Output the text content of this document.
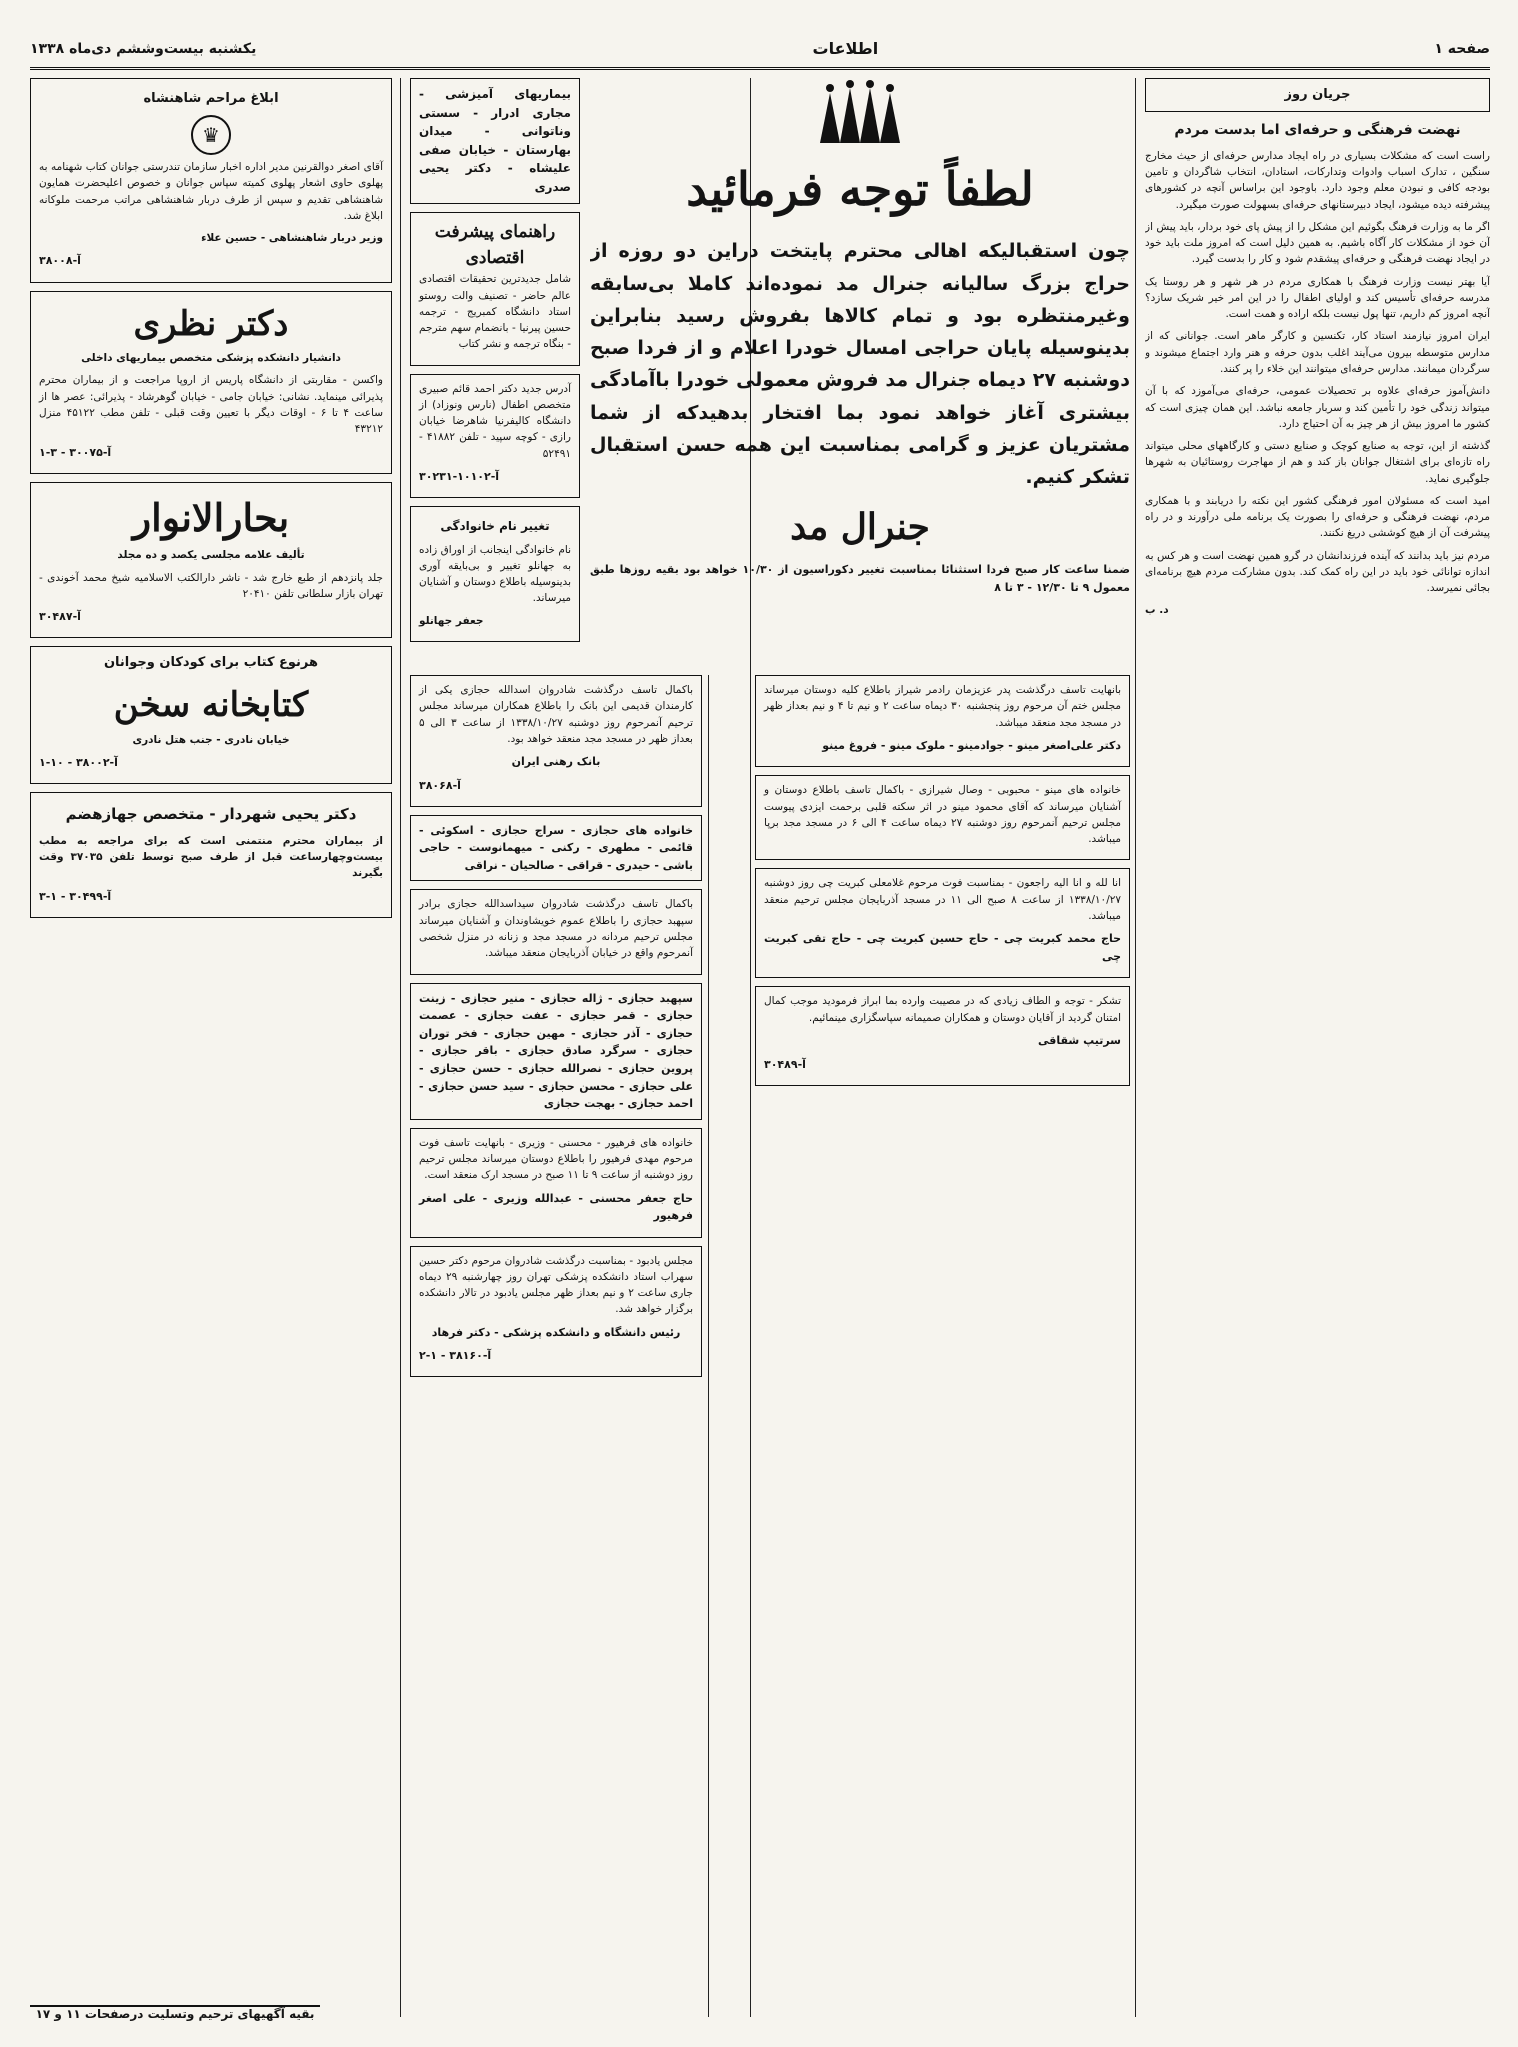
صفحه ۱
اطلاعات
یکشنبه بیست‌وششم دی‌ماه ۱۳۳۸
جریان روز
نهضت فرهنگی و حرفه‌ای اما بدست مردم

راست است که مشکلات بسیاری در راه ایجاد مدارس حرفه‌ای از حیث مخارج سنگین ، تدارک اسباب وادوات وتدارکات، استادان، انتخاب شاگردان و تامین بودجه کافی و نبودن معلم وجود دارد. باوجود این براساس آنچه در کشورهای پیشرفته دیده میشود، ایجاد دبیرستانهای حرفه‌ای بسهولت صورت میگیرد.

اگر ما به وزارت فرهنگ بگوئیم این مشکل را از پیش پای خود بردار، باید پیش از آن خود از مشکلات کار آگاه باشیم. به همین دلیل است که امروز ملت باید خود در ایجاد نهضت فرهنگی و حرفه‌ای پیشقدم شود و کار را بدست گیرد.

آیا بهتر نیست وزارت فرهنگ با همکاری مردم در هر شهر و هر روستا یک مدرسه حرفه‌ای تأسیس کند و اولیای اطفال را در این امر خیر شریک سازد؟ آنچه امروز کم داریم، تنها پول نیست بلکه اراده و همت است.

ایران امروز نیازمند استاد کار، تکنسین و کارگر ماهر است. جوانانی که از مدارس متوسطه بیرون می‌آیند اغلب بدون حرفه و هنر وارد اجتماع میشوند و سرگردان میمانند. مدارس حرفه‌ای میتوانند این خلاء را پر کنند.

دانش‌آموز حرفه‌ای علاوه بر تحصیلات عمومی، حرفه‌ای می‌آموزد که با آن میتواند زندگی خود را تأمین کند و سربار جامعه نباشد. این همان چیزی است که کشور ما امروز بیش از هر چیز به آن احتیاج دارد.

گذشته از این، توجه به صنایع کوچک و صنایع دستی و کارگاههای محلی میتواند راه تازه‌ای برای اشتغال جوانان باز کند و هم از مهاجرت روستائیان به شهرها جلوگیری نماید.

امید است که مسئولان امور فرهنگی کشور این نکته را دریابند و با همکاری مردم، نهضت فرهنگی و حرفه‌ای را بصورت یک برنامه ملی درآورند و در راه پیشرفت آن از هیچ کوششی دریغ نکنند.

مردم نیز باید بدانند که آینده فرزندانشان در گرو همین نهضت است و هر کس به اندازه توانائی خود باید در این راه کمک کند. بدون مشارکت مردم هیچ برنامه‌ای بجائی نمیرسد.

د. ب

لطفاً توجه فرمائید

چون استقبالیکه اهالی محترم پایتخت دراین دو روزه از حراج بزرگ سالیانه جنرال مد نموده‌اند کاملا بی‌سابقه وغیرمنتظره بود و تمام کالاها بفروش رسید بنابراین بدینوسیله پایان حراجی امسال خودرا اعلام و از فردا صبح دوشنبه ۲۷ دیماه جنرال مد فروش معمولی خودرا باآمادگی بیشتری آغاز خواهد نمود بما افتخار بدهیدکه از شما مشتریان عزیز و گرامی بمناسبت این همه حسن استقبال تشکر کنیم.

جنرال مد

ضمنا ساعت کار صبح فردا استثنائا بمناسبت تغییر دکوراسیون از ۱۰/۳۰ خواهد بود بقیه روزها طبق معمول ۹ تا ۱۲/۳۰ - ۳ تا ۸

بیماریهای آمیزشی - مجاری ادرار - سستی وناتوانی - میدان بهارستان - خیابان صفی علیشاه - دکتر یحیی صدری
راهنمای پیشرفت اقتصادی

شامل جدیدترین تحقیقات اقتصادی عالم حاضر - تصنیف والت روستو استاد دانشگاه کمبریج - ترجمه حسین پیرنیا - بانضمام سهم مترجم - بنگاه ترجمه و نشر کتاب

آدرس جدید دکتر احمد قائم صبیری متخصص اطفال (نارس ونوزاد) از دانشگاه کالیفرنیا شاهرضا خیابان رازی - کوچه سپید - تلفن ۴۱۸۸۲ - ۵۲۴۹۱

آ-۱۰۱۰۲-۳۰۲۳۱

تغییر نام خانوادگی

نام خانوادگی اینجانب از اوراق زاده به جهانلو تغییر و بی‌بایقه آوری بدینوسیله باطلاع دوستان و آشنایان میرساند.

جعفر جهانلو

ابلاغ مراحم شاهنشاه
♛

آقای اصغر دوالقرنین مدیر اداره اخبار سازمان تندرستی جوانان کتاب شهنامه به پهلوی حاوی اشعار پهلوی کمیته سپاس جوانان و خصوص اعلیحضرت همایون شاهنشاهی تقدیم و سپس از طرف دربار شاهنشاهی مراتب مرحمت ملوکانه ابلاغ شد.

وزیر دربار شاهنشاهی - حسین علاء

آ-۳۸۰۰۸

دکتر نظری

دانشیار دانشکده پزشکی متخصص بیماریهای داخلی

واکسن - مقاربتی از دانشگاه پاریس از اروپا مراجعت و از بیماران محترم پذیرائی مینماید. نشانی: خیابان جامی - خیابان گوهرشاد - پذیرائی: عصر ها از ساعت ۴ تا ۶ - اوقات دیگر با تعیین وقت قبلی - تلفن مطب ۴۵۱۲۲ منزل ۴۳۲۱۲

آ-۳۰۰۷۵ - ۳-۱

بحارالانوار

تألیف علامه مجلسی یکصد و ده مجلد

جلد پانزدهم از طبع خارج شد - ناشر دارالکتب الاسلامیه شیخ محمد آخوندی - تهران بازار سلطانی تلفن ۲۰۴۱۰

آ-۳۰۴۸۷

هرنوع کتاب برای کودکان وجوانان

کتابخانه سخن

خیابان نادری - جنب هتل نادری

آ-۳۸۰۰۲ - ۱۰-۱

دکتر یحیی شهردار - متخصص جهازهضم

از بیماران محترم منتمنی است که برای مراجعه به مطب بیست‌وچهارساعت قبل از طرف صبح توسط تلفن ۳۷۰۳۵ وقت بگیرند

آ-۳۰۴۹۹ - ۱-۳

بانهایت تاسف درگذشت پدر عزیزمان رادمر شیراز باطلاع کلیه دوستان میرساند مجلس ختم آن مرحوم روز پنجشنبه ۳۰ دیماه ساعت ۲ و نیم تا ۴ و نیم بعداز ظهر در مسجد مجد منعقد میباشد.

دکتر علی‌اصغر مینو - جوادمینو - ملوک مینو - فروغ مینو

خانواده های مینو - محبوبی - وصال شیرازی - باکمال تاسف باطلاع دوستان و آشنایان میرساند که آقای محمود مینو در اثر سکته قلبی برحمت ایزدی پیوست مجلس ترحیم آنمرحوم روز دوشنبه ۲۷ دیماه ساعت ۴ الی ۶ در مسجد مجد برپا میباشد.

انا لله و انا الیه راجعون - بمناسبت فوت مرحوم غلامعلی کبریت چی روز دوشنبه ۱۳۳۸/۱۰/۲۷ از ساعت ۸ صبح الی ۱۱ در مسجد آذربایجان مجلس ترحیم منعقد میباشد.

حاج محمد کبریت چی - حاج حسین کبریت چی - حاج تقی کبریت چی

تشکر - توجه و الطاف زیادی که در مصیبت وارده بما ابراز فرمودید موجب کمال امتنان گردید از آقایان دوستان و همکاران صمیمانه سپاسگزاری مینمائیم.

سرتیپ شقاقی

آ-۳۰۴۸۹

باکمال تاسف درگذشت شادروان اسدالله حجازی یکی از کارمندان قدیمی این بانک را باطلاع همکاران میرساند مجلس ترحیم آنمرحوم روز دوشنبه ۱۳۳۸/۱۰/۲۷ از ساعت ۳ الی ۵ بعداز ظهر در مسجد مجد منعقد خواهد بود.

بانک رهنی ایران

آ-۳۸۰۶۸

خانواده های حجازی - سراج حجازی - اسکوئی - قائمی - مطهری - رکنی - میهمانوست - حاجی باشی - حیدری - قراقی - صالحیان - نراقی

باکمال تاسف درگذشت شادروان سیداسدالله حجازی برادر سپهبد حجازی را باطلاع عموم خویشاوندان و آشنایان میرساند مجلس ترحیم مردانه در مسجد مجد و زنانه در منزل شخصی آنمرحوم واقع در خیابان آذربایجان منعقد میباشد.

سپهبد حجازی - ژاله حجازی - منیر حجازی - زینت حجازی - قمر حجازی - عفت حجازی - عصمت حجازی - آذر حجازی - مهین حجازی - فخر توران حجازی - سرگرد صادق حجازی - باقر حجازی - پروین حجازی - نصرالله حجازی - حسن حجازی - علی حجازی - محسن حجازی - سید حسن حجازی - احمد حجازی - بهجت حجازی

خانواده های فرهیور - محسنی - وزیری - بانهایت تاسف فوت مرحوم مهدی فرهیور را باطلاع دوستان میرساند مجلس ترحیم روز دوشنبه از ساعت ۹ تا ۱۱ صبح در مسجد ارک منعقد است.

حاج جعفر محسنی - عبدالله وزیری - علی اصغر فرهیور

مجلس یادبود - بمناسبت درگذشت شادروان مرحوم دکتر حسین سهراب استاد دانشکده پزشکی تهران روز چهارشنبه ۲۹ دیماه جاری ساعت ۲ و نیم بعداز ظهر مجلس یادبود در تالار دانشکده برگزار خواهد شد.

رئیس دانشگاه و دانشکده پزشکی - دکتر فرهاد

آ-۳۸۱۶۰ - ۱-۲

بقیه آگهیهای ترحیم وتسلیت درصفحات ۱۱ و ۱۷
